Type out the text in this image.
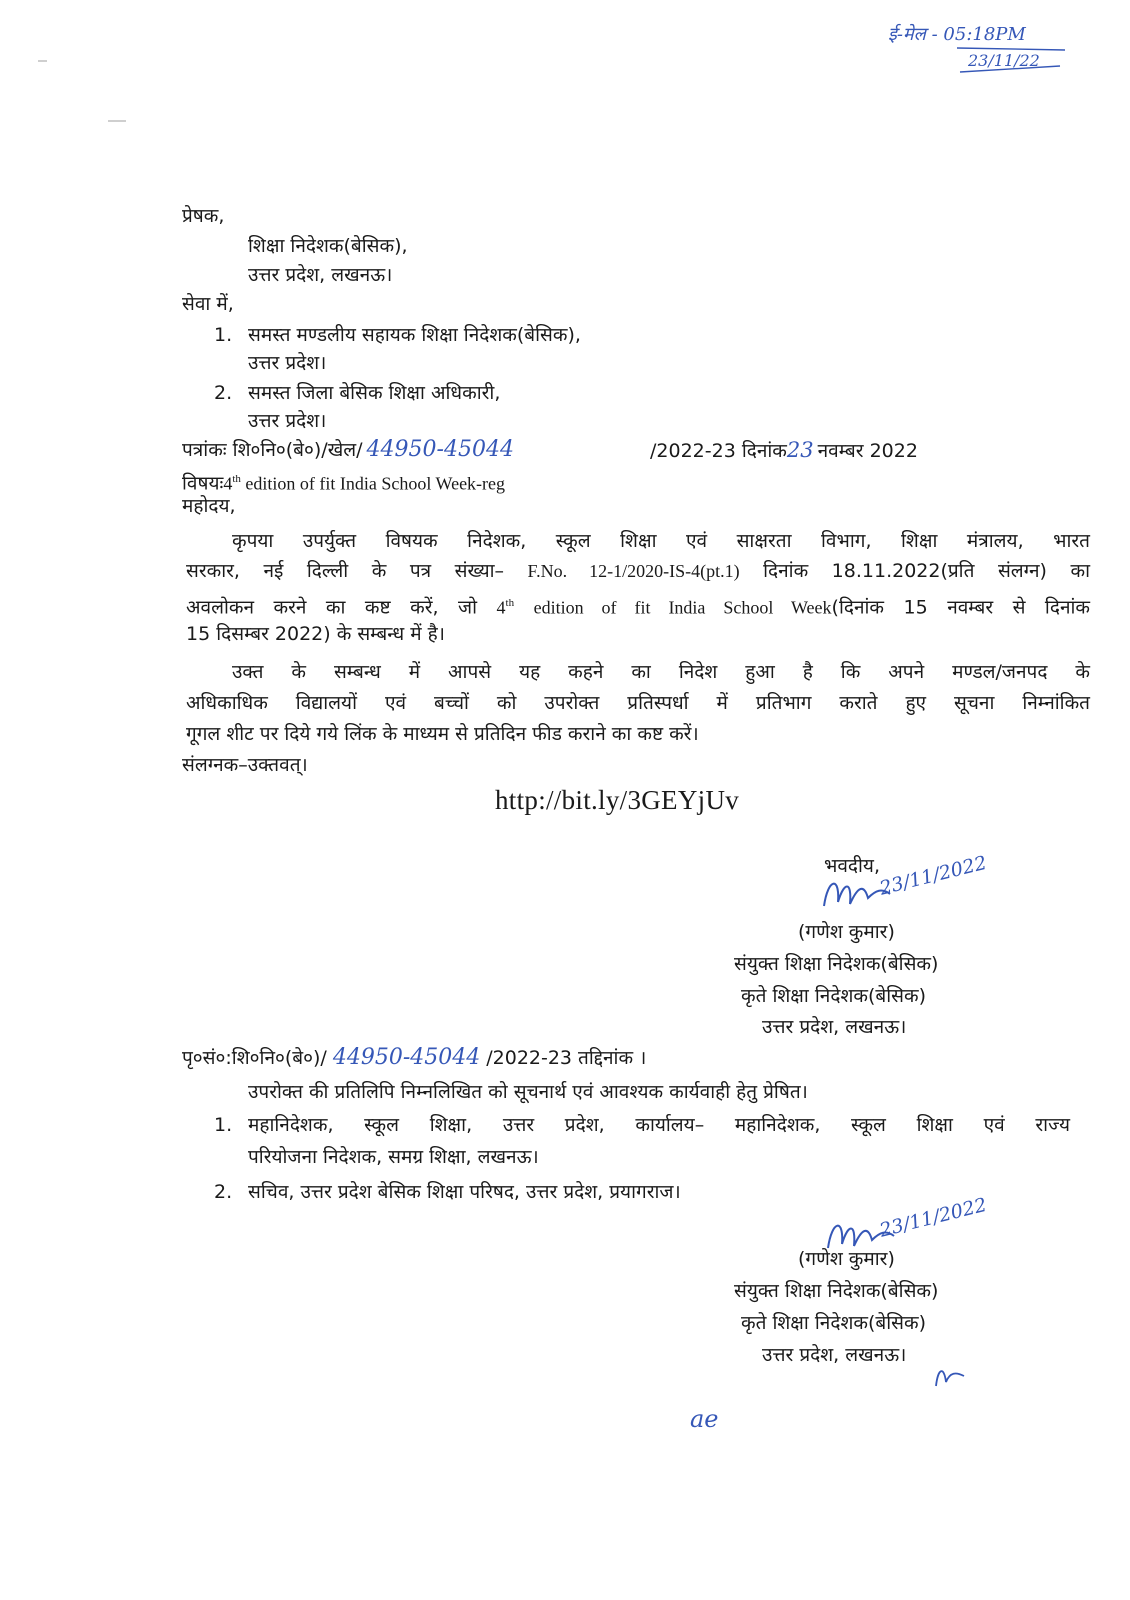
ई-मेल - 05:18PM
23/11/22
प्रेषक,
शिक्षा निदेशक(बेसिक),
उत्तर प्रदेश, लखनऊ।
सेवा में,
1. समस्त मण्डलीय सहायक शिक्षा निदेशक(बेसिक),
उत्तर प्रदेश।
2. समस्त जिला बेसिक शिक्षा अधिकारी,
उत्तर प्रदेश।
पत्रांकः शि०नि०(बे०)/खेल/ 44950-45044	/2022-23 दिनांक23 नवम्बर 2022
विषयः4th edition of fit India School Week-reg
महोदय,
कृपया उपर्युक्त विषयक निदेशक, स्कूल शिक्षा एवं साक्षरता विभाग, शिक्षा मंत्रालय, भारत
सरकार, नई दिल्ली के पत्र संख्या– F.No. 12-1/2020-IS-4(pt.1) दिनांक 18.11.2022(प्रति संलग्न) का
अवलोकन करने का कष्ट करें, जो 4th edition of fit India School Week(दिनांक 15 नवम्बर से दिनांक
15 दिसम्बर 2022) के सम्बन्ध में है।
उक्त के सम्बन्ध में आपसे यह कहने का निदेश हुआ है कि अपने मण्डल/जनपद के
अधिकाधिक विद्यालयों एवं बच्चों को उपरोक्त प्रतिस्पर्धा में प्रतिभाग कराते हुए सूचना निम्नांकित
गूगल शीट पर दिये गये लिंक के माध्यम से प्रतिदिन फीड कराने का कष्ट करें।
संलग्नक–उक्तवत्।
http://bit.ly/3GEYjUv
भवदीय,
23/11/2022
(गणेश कुमार)
संयुक्त शिक्षा निदेशक(बेसिक)
कृते शिक्षा निदेशक(बेसिक)
उत्तर प्रदेश, लखनऊ।
पृ०सं०:शि०नि०(बे०)/ 44950-45044 /2022-23 तद्दिनांक ।
उपरोक्त की प्रतिलिपि निम्नलिखित को सूचनार्थ एवं आवश्यक कार्यवाही हेतु प्रेषित।
1. महानिदेशक, स्कूल शिक्षा, उत्तर प्रदेश, कार्यालय– महानिदेशक, स्कूल शिक्षा एवं राज्य
परियोजना निदेशक, समग्र शिक्षा, लखनऊ।
2. सचिव, उत्तर प्रदेश बेसिक शिक्षा परिषद, उत्तर प्रदेश, प्रयागराज।
23/11/2022
(गणेश कुमार)
संयुक्त शिक्षा निदेशक(बेसिक)
कृते शिक्षा निदेशक(बेसिक)
उत्तर प्रदेश, लखनऊ।
ae
